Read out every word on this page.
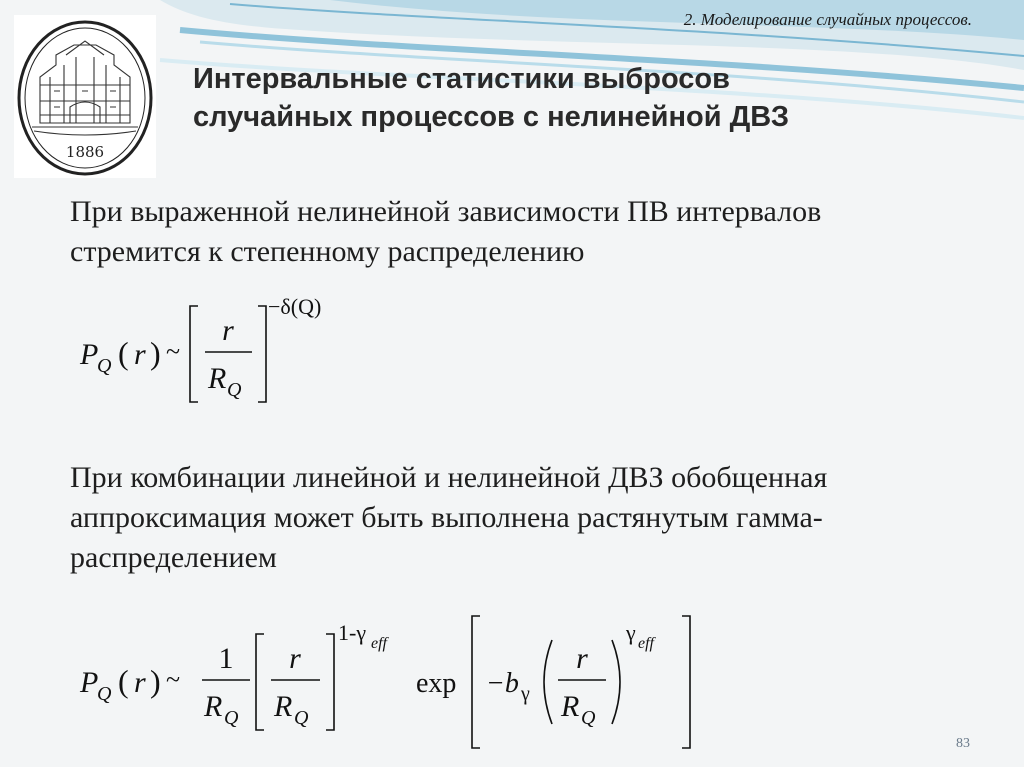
1886
2. Моделирование случайных процессов.
Интервальные статистики выбросов
случайных процессов с нелинейной ДВЗ

При выраженной нелинейной зависимости ПВ интервалов
стремится к степенному распределению

При комбинации линейной и нелинейной ДВЗ обобщенная
аппроксимация может быть выполнена растянутым гамма-
распределением

P
Q ( r ) ~
r
R Q
−δ(Q)
P
Q ( r ) ~
1
R Q
r
R Q
1-γ eff
exp −b γ
r
R Q
γ eff
83
